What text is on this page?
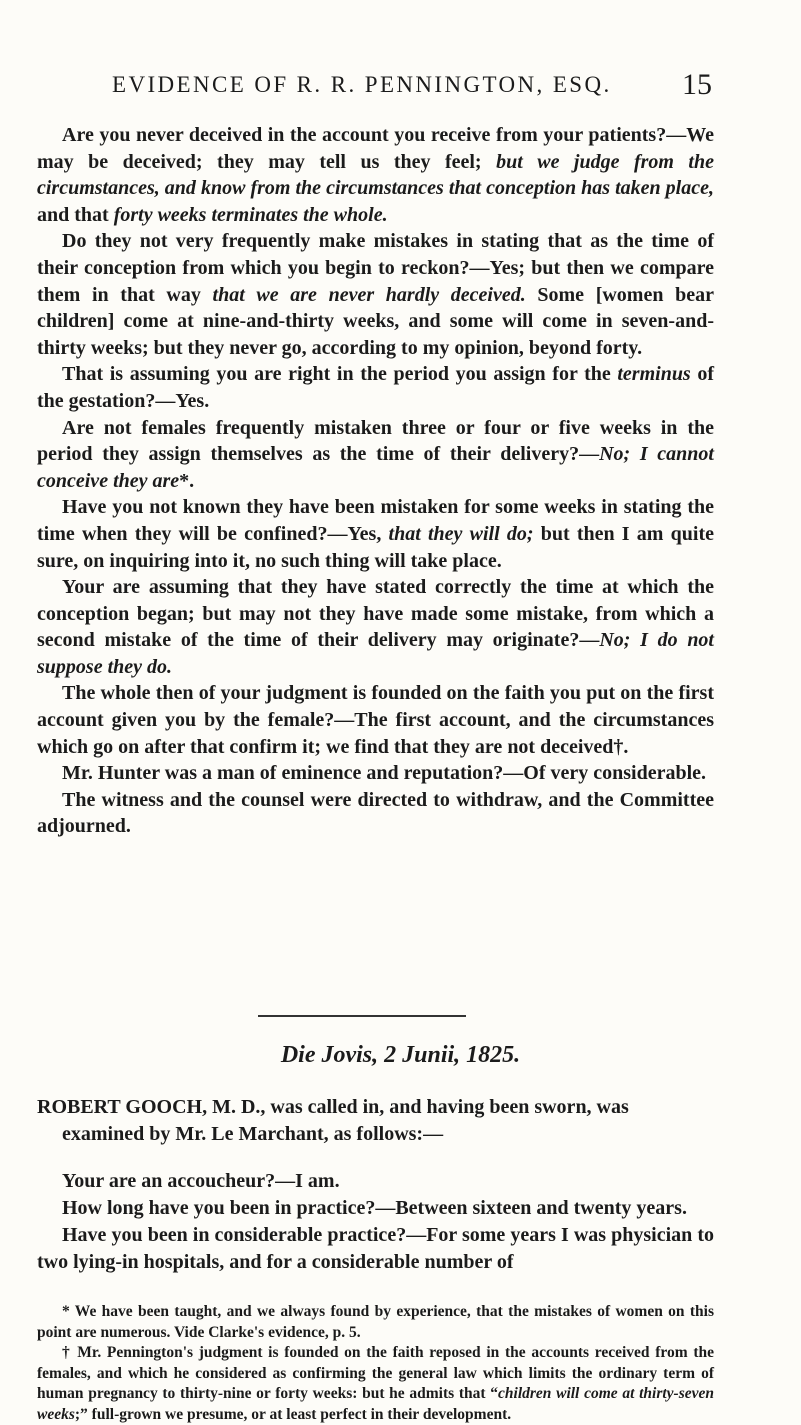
EVIDENCE OF R. R. PENNINGTON, ESQ. 15

Are you never deceived in the account you receive from your patients?—We may be deceived; they may tell us they feel; but we judge from the circumstances, and know from the circumstances that conception has taken place, and that forty weeks terminates the whole.

Do they not very frequently make mistakes in stating that as the time of their conception from which you begin to reckon?—Yes; but then we compare them in that way that we are never hardly deceived. Some [women bear children] come at nine-and-thirty weeks, and some will come in seven-and-thirty weeks; but they never go, according to my opinion, beyond forty.

That is assuming you are right in the period you assign for the terminus of the gestation?—Yes.

Are not females frequently mistaken three or four or five weeks in the period they assign themselves as the time of their delivery?—No; I cannot conceive they are*.

Have you not known they have been mistaken for some weeks in stating the time when they will be confined?—Yes, that they will do; but then I am quite sure, on inquiring into it, no such thing will take place.

Your are assuming that they have stated correctly the time at which the conception began; but may not they have made some mistake, from which a second mistake of the time of their delivery may originate?—No; I do not suppose they do.

The whole then of your judgment is founded on the faith you put on the first account given you by the female?—The first account, and the circumstances which go on after that confirm it; we find that they are not deceived†.

Mr. Hunter was a man of eminence and reputation?—Of very considerable.

The witness and the counsel were directed to withdraw, and the Committee adjourned.

Die Jovis, 2 Junii, 1825.

ROBERT GOOCH, M. D., was called in, and having been sworn, was examined by Mr. Le Marchant, as follows:—

Your are an accoucheur?—I am.

How long have you been in practice?—Between sixteen and twenty years.

Have you been in considerable practice?—For some years I was physician to two lying-in hospitals, and for a considerable number of

* We have been taught, and we always found by experience, that the mistakes of women on this point are numerous. Vide Clarke's evidence, p. 5.

† Mr. Pennington's judgment is founded on the faith reposed in the accounts received from the females, and which he considered as confirming the general law which limits the ordinary term of human pregnancy to thirty-nine or forty weeks: but he admits that “children will come at thirty-seven weeks;” full-grown we presume, or at least perfect in their development.
